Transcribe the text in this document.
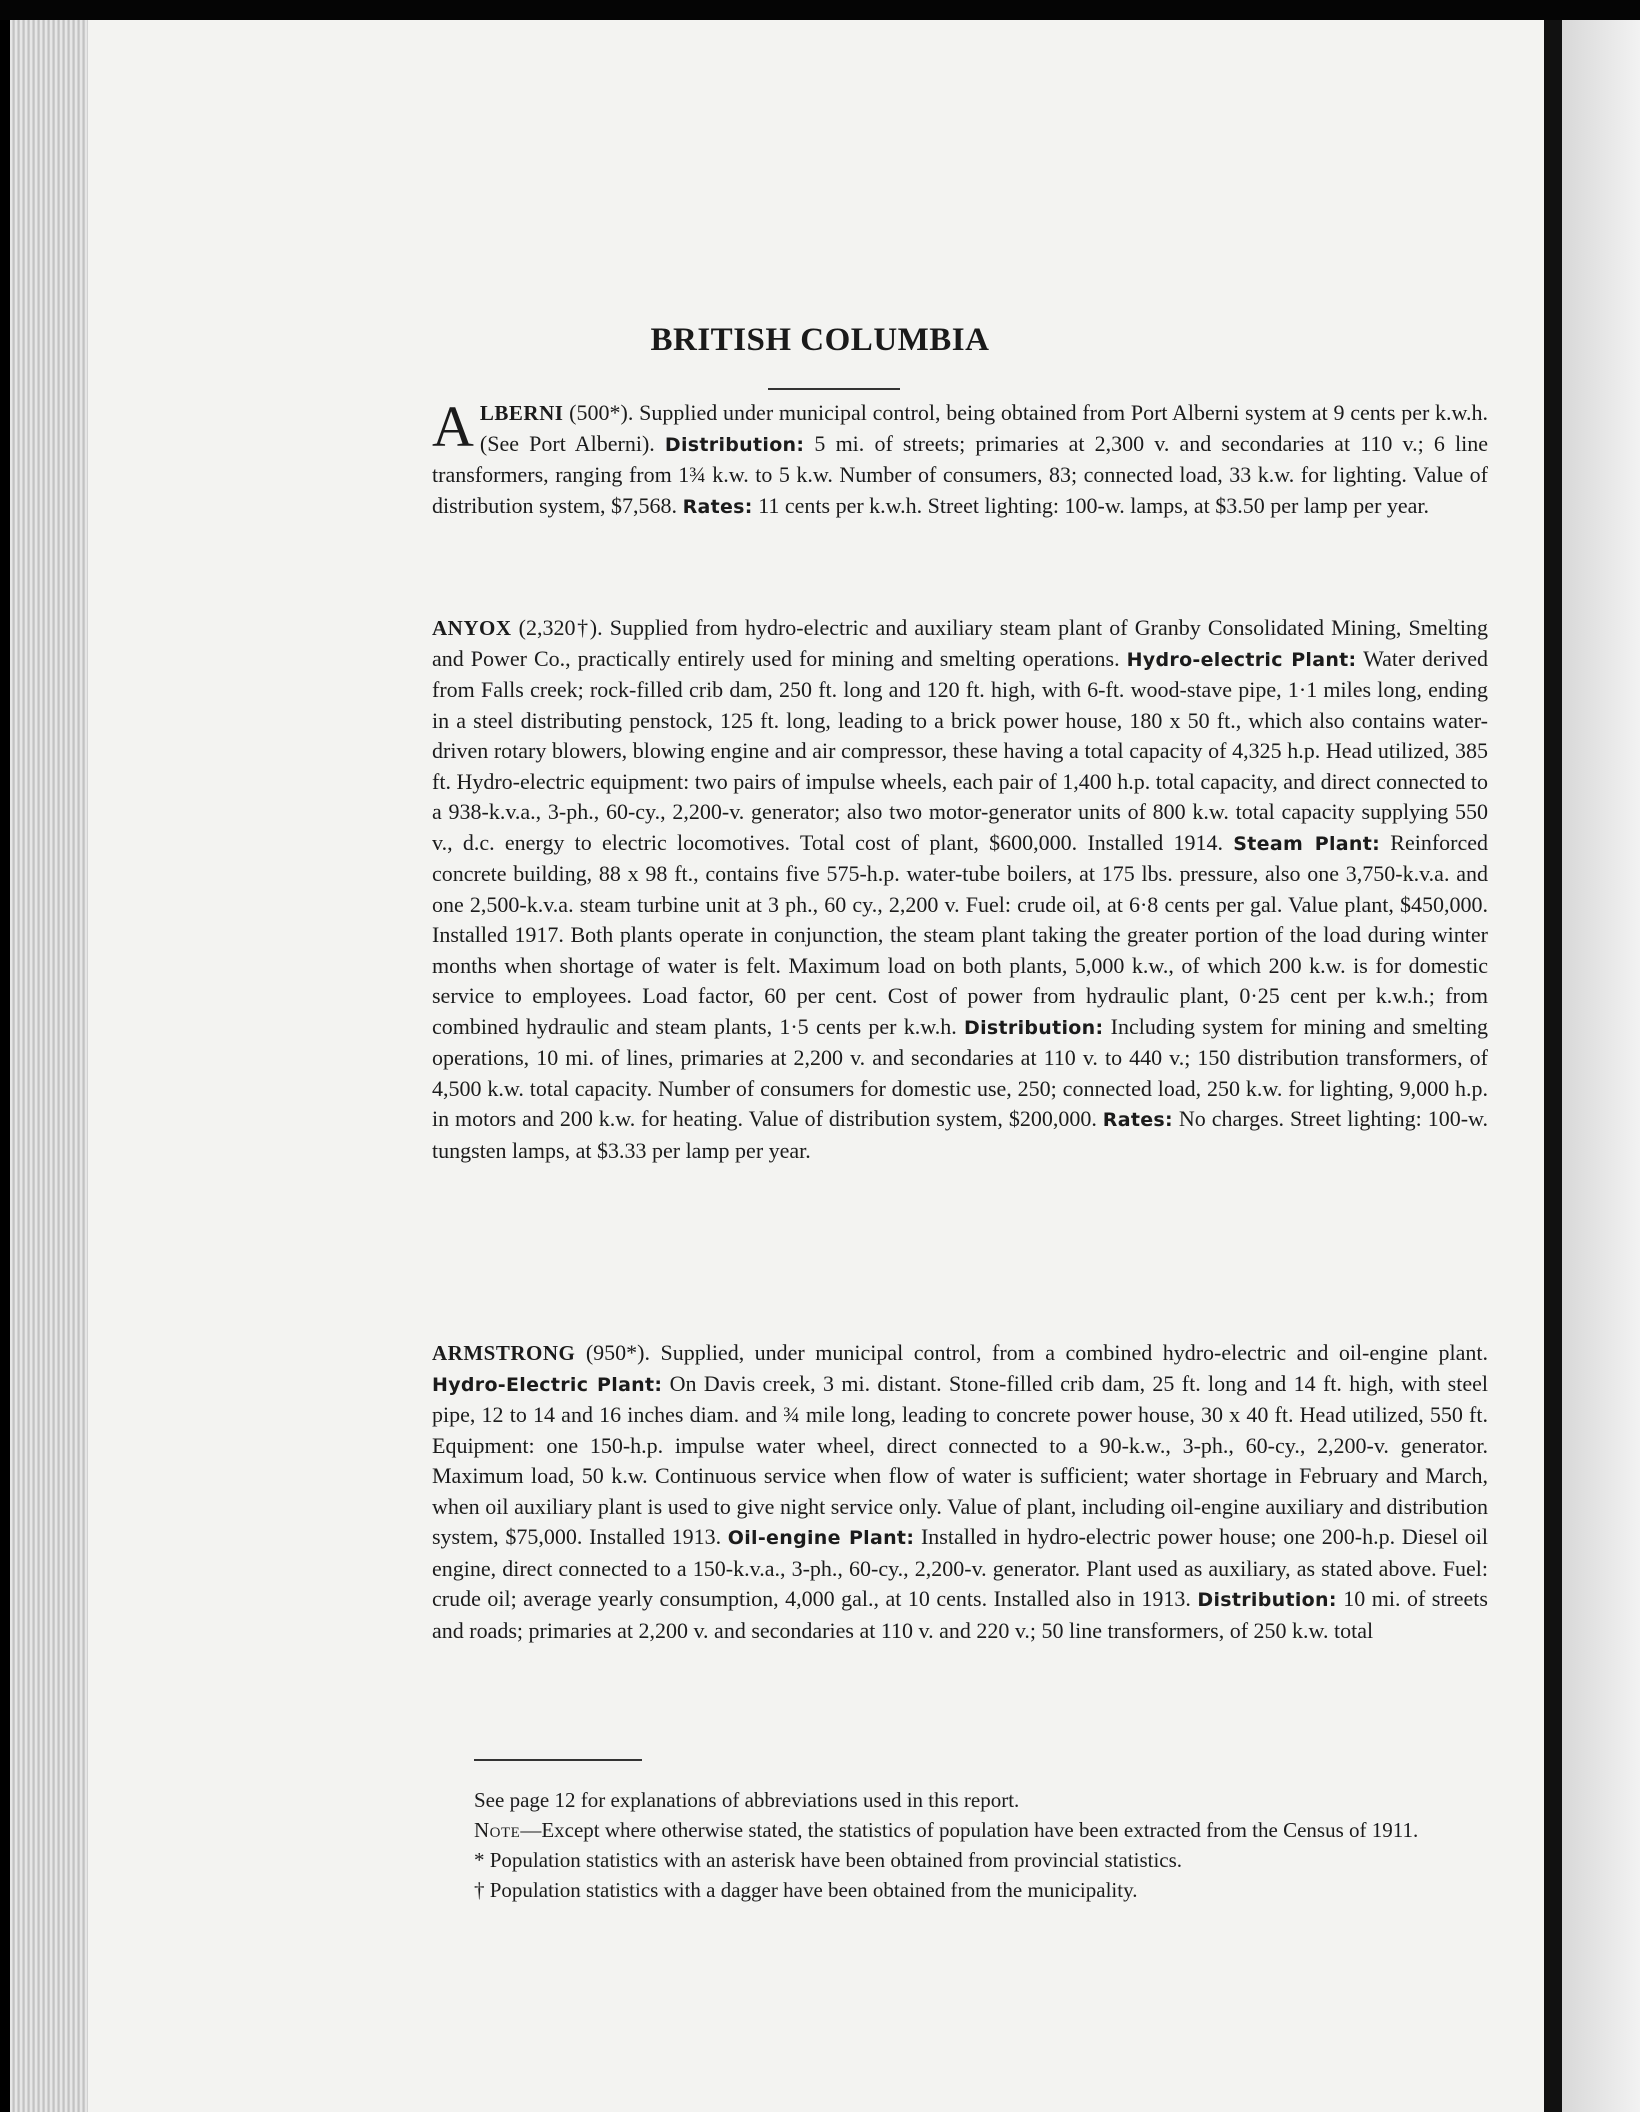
BRITISH COLUMBIA

ALBERNI (500*). Supplied under municipal control, being obtained from Port Alberni system at 9 cents per k.w.h. (See Port Alberni). Distribution: 5 mi. of streets; primaries at 2,300 v. and secondaries at 110 v.; 6 line transformers, ranging from 1¾ k.w. to 5 k.w. Number of consumers, 83; connected load, 33 k.w. for lighting. Value of distribution system, $7,568. Rates: 11 cents per k.w.h. Street lighting: 100-w. lamps, at $3.50 per lamp per year.

ANYOX (2,320†). Supplied from hydro-electric and auxiliary steam plant of Granby Consolidated Mining, Smelting and Power Co., practically entirely used for mining and smelting operations. Hydro-electric Plant: Water derived from Falls creek; rock-filled crib dam, 250 ft. long and 120 ft. high, with 6-ft. wood-stave pipe, 1·1 miles long, ending in a steel distributing penstock, 125 ft. long, leading to a brick power house, 180 x 50 ft., which also contains water-driven rotary blowers, blowing engine and air compressor, these having a total capacity of 4,325 h.p. Head utilized, 385 ft. Hydro-electric equipment: two pairs of impulse wheels, each pair of 1,400 h.p. total capacity, and direct connected to a 938-k.v.a., 3-ph., 60-cy., 2,200-v. generator; also two motor-generator units of 800 k.w. total capacity supplying 550 v., d.c. energy to electric locomotives. Total cost of plant, $600,000. Installed 1914. Steam Plant: Reinforced concrete building, 88 x 98 ft., contains five 575-h.p. water-tube boilers, at 175 lbs. pressure, also one 3,750-k.v.a. and one 2,500-k.v.a. steam turbine unit at 3 ph., 60 cy., 2,200 v. Fuel: crude oil, at 6·8 cents per gal. Value plant, $450,000. Installed 1917. Both plants operate in conjunction, the steam plant taking the greater portion of the load during winter months when shortage of water is felt. Maximum load on both plants, 5,000 k.w., of which 200 k.w. is for domestic service to employees. Load factor, 60 per cent. Cost of power from hydraulic plant, 0·25 cent per k.w.h.; from combined hydraulic and steam plants, 1·5 cents per k.w.h. Distribution: Including system for mining and smelting operations, 10 mi. of lines, primaries at 2,200 v. and secondaries at 110 v. to 440 v.; 150 distribution transformers, of 4,500 k.w. total capacity. Number of consumers for domestic use, 250; connected load, 250 k.w. for lighting, 9,000 h.p. in motors and 200 k.w. for heating. Value of distribution system, $200,000. Rates: No charges. Street lighting: 100-w. tungsten lamps, at $3.33 per lamp per year.

ARMSTRONG (950*). Supplied, under municipal control, from a combined hydro-electric and oil-engine plant. Hydro-Electric Plant: On Davis creek, 3 mi. distant. Stone-filled crib dam, 25 ft. long and 14 ft. high, with steel pipe, 12 to 14 and 16 inches diam. and ¾ mile long, leading to concrete power house, 30 x 40 ft. Head utilized, 550 ft. Equipment: one 150-h.p. impulse water wheel, direct connected to a 90-k.w., 3-ph., 60-cy., 2,200-v. generator. Maximum load, 50 k.w. Continuous service when flow of water is sufficient; water shortage in February and March, when oil auxiliary plant is used to give night service only. Value of plant, including oil-engine auxiliary and distribution system, $75,000. Installed 1913. Oil-engine Plant: Installed in hydro-electric power house; one 200-h.p. Diesel oil engine, direct connected to a 150-k.v.a., 3-ph., 60-cy., 2,200-v. generator. Plant used as auxiliary, as stated above. Fuel: crude oil; average yearly consumption, 4,000 gal., at 10 cents. Installed also in 1913. Distribution: 10 mi. of streets and roads; primaries at 2,200 v. and secondaries at 110 v. and 220 v.; 50 line transformers, of 250 k.w. total

See page 12 for explanations of abbreviations used in this report.

Note—Except where otherwise stated, the statistics of population have been extracted from the Census of 1911.

* Population statistics with an asterisk have been obtained from provincial statistics.

† Population statistics with a dagger have been obtained from the municipality.
